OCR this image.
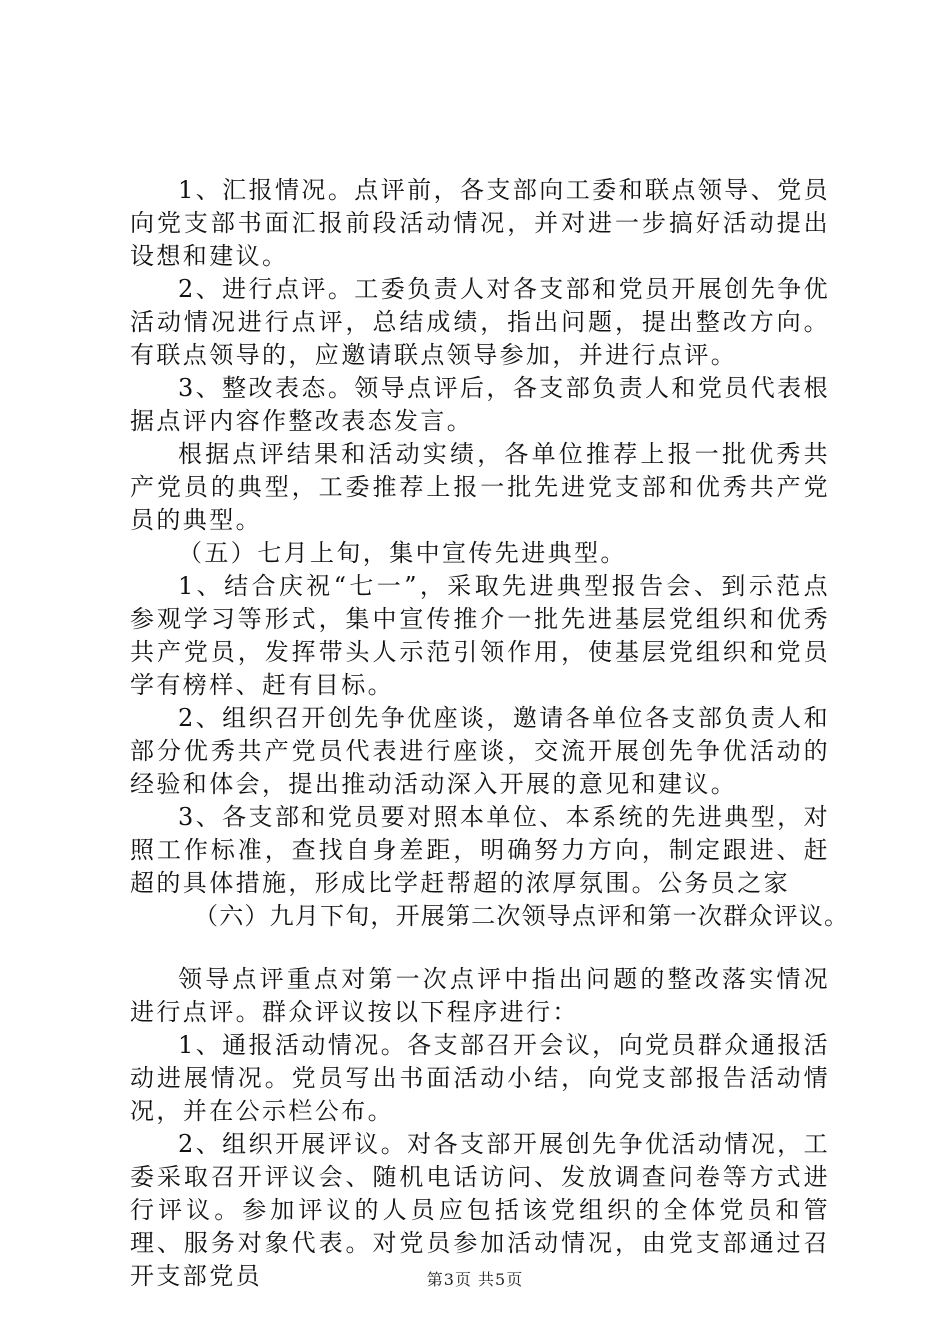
1、汇报情况。点评前，各支部向工委和联点领导、党员向党支部书面汇报前段活动情况，并对进一步搞好活动提出设想和建议。

2、进行点评。工委负责人对各支部和党员开展创先争优活动情况进行点评，总结成绩，指出问题，提出整改方向。有联点领导的，应邀请联点领导参加，并进行点评。

3、整改表态。领导点评后，各支部负责人和党员代表根据点评内容作整改表态发言。

根据点评结果和活动实绩，各单位推荐上报一批优秀共产党员的典型，工委推荐上报一批先进党支部和优秀共产党员的典型。

（五）七月上旬，集中宣传先进典型。

1、结合庆祝“七一”，采取先进典型报告会、到示范点参观学习等形式，集中宣传推介一批先进基层党组织和优秀共产党员，发挥带头人示范引领作用，使基层党组织和党员学有榜样、赶有目标。

2、组织召开创先争优座谈，邀请各单位各支部负责人和部分优秀共产党员代表进行座谈，交流开展创先争优活动的经验和体会，提出推动活动深入开展的意见和建议。

3、各支部和党员要对照本单位、本系统的先进典型，对照工作标准，查找自身差距，明确努力方向，制定跟进、赶超的具体措施，形成比学赶帮超的浓厚氛围。公务员之家

（六）九月下旬，开展第二次领导点评和第一次群众评议。

领导点评重点对第一次点评中指出问题的整改落实情况进行点评。群众评议按以下程序进行：

1、通报活动情况。各支部召开会议，向党员群众通报活动进展情况。党员写出书面活动小结，向党支部报告活动情况，并在公示栏公布。

2、组织开展评议。对各支部开展创先争优活动情况，工委采取召开评议会、随机电话访问、发放调查问卷等方式进行评议。参加评议的人员应包括该党组织的全体党员和管理、服务对象代表。对党员参加活动情况，由党支部通过召开支部党员	第3页 共5页
